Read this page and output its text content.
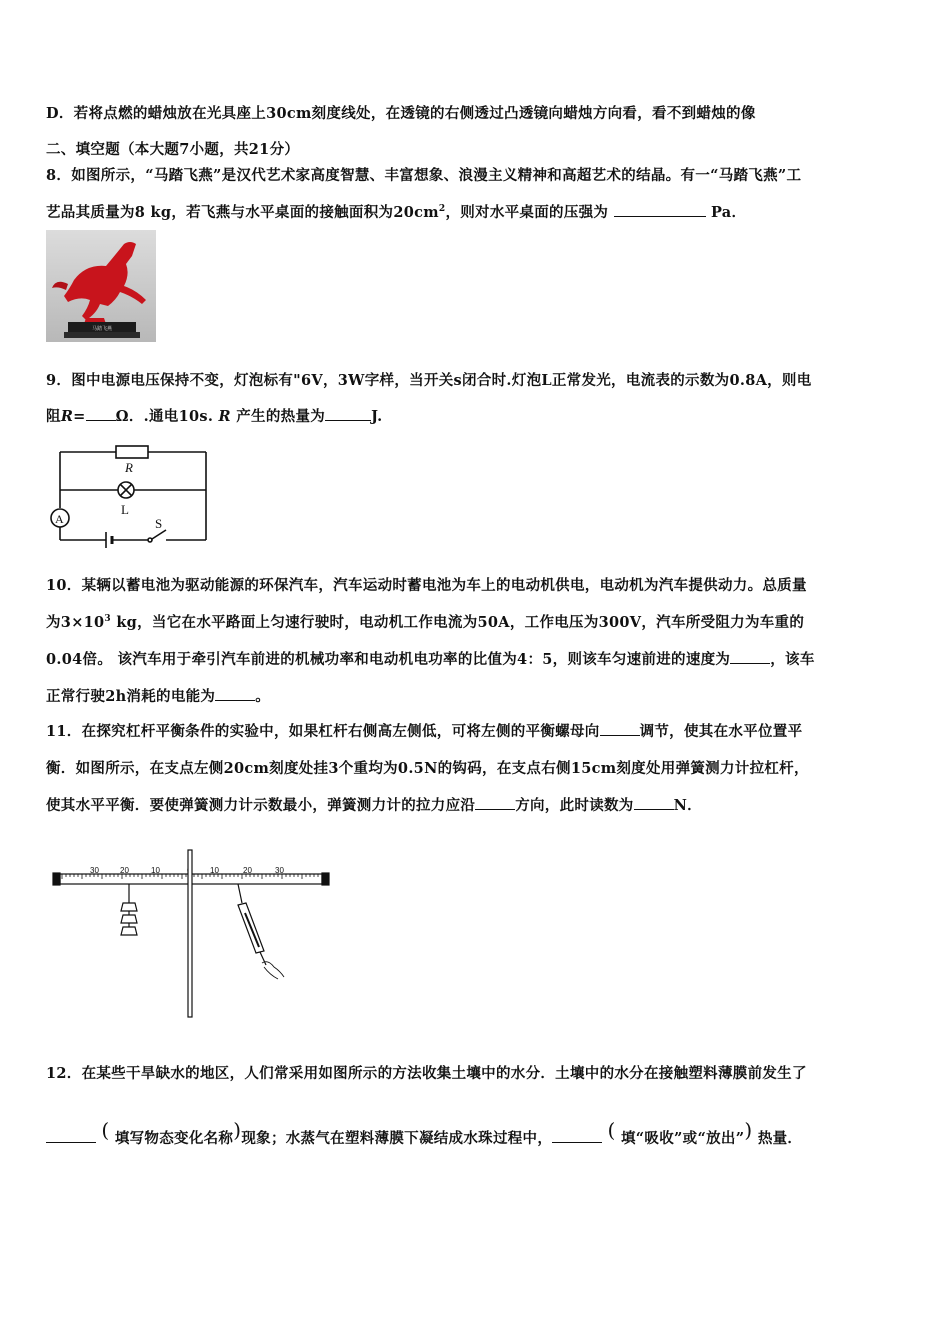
D．若将点燃的蜡烛放在光具座上30cm刻度线处，在透镜的右侧透过凸透镜向蜡烛方向看，看不到蜡烛的像
二、填空题（本大题7小题，共21分）
8．如图所示，“马踏飞燕”是汉代艺术家高度智慧、丰富想象、浪漫主义精神和高超艺术的结晶。有一“马踏飞燕”工
艺品其质量为8 kg，若飞燕与水平桌面的接触面积为$20cm^2$，则对水平桌面的压强为	Pa．
马踏飞燕
9．图中电源电压保持不变，灯泡标有"6V，3W字样，当开关s闭合时.灯泡L正常发光，电流表的示数为0.8A，则电
阻R= Ω．.通电10s. R 产生的热量为	J.
R
L
A	S
10．某辆以蓄电池为驱动能源的环保汽车，汽车运动时蓄电池为车上的电动机供电，电动机为汽车提供动力。总质量
为$3\times 10^3$ kg，当它在水平路面上匀速行驶时，电动机工作电流为50A，工作电压为300V，汽车所受阻力为车重的
0.04倍。 该汽车用于牵引汽车前进的机械功率和电动机电功率的比值为4：5，则该车匀速前进的速度为	，该车
正常行驶2h消耗的电能为	。
11．在探究杠杆平衡条件的实验中，如果杠杆右侧高左侧低，可将左侧的平衡螺母向	调节，使其在水平位置平
衡．如图所示，在支点左侧20cm刻度处挂3个重均为0.5N的钩码，在支点右侧15cm刻度处用弹簧测力计拉杠杆，
使其水平平衡．要使弹簧测力计示数最小，弹簧测力计的拉力应沿	方向，此时读数为	N．
30	20	10	10	20	30
12．在某些干旱缺水的地区，人们常采用如图所示的方法收集土壤中的水分．土壤中的水分在接触塑料薄膜前发生了
( 填写物态变化名称)现象；水蒸气在塑料薄膜下凝结成水珠过程中，	( 填“吸收”或“放出”) 热量．
